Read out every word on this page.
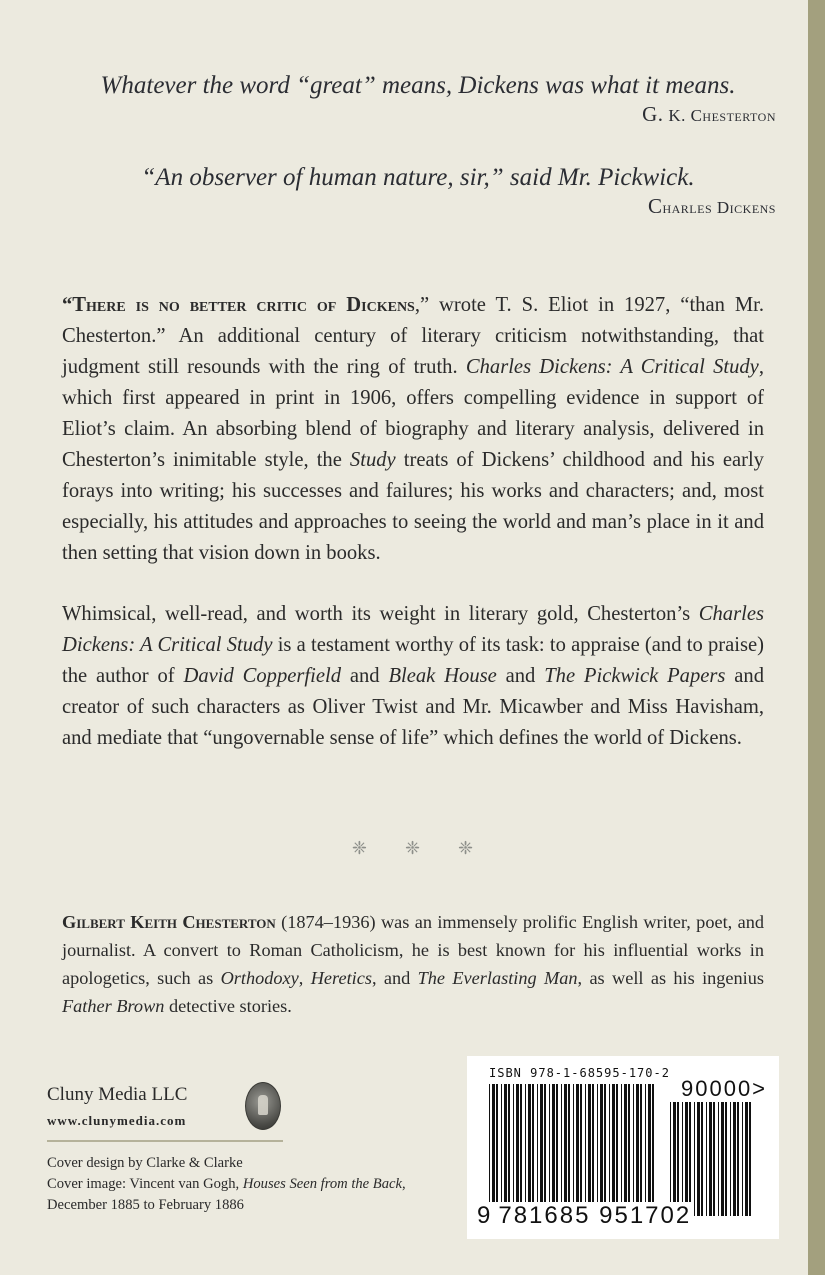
Whatever the word “great” means, Dickens was what it means.
G. K. Chesterton
“An observer of human nature, sir,” said Mr. Pickwick.
Charles Dickens
“There is no better critic of Dickens,” wrote T. S. Eliot in 1927, “than Mr. Chesterton.” An additional century of literary criticism notwithstanding, that judgment still resounds with the ring of truth. Charles Dickens: A Critical Study, which first appeared in print in 1906, offers compelling evidence in support of Eliot’s claim. An absorbing blend of biography and literary analysis, delivered in Chesterton’s inimitable style, the Study treats of Dickens’ childhood and his early forays into writing; his successes and failures; his works and characters; and, most especially, his attitudes and approaches to seeing the world and man’s place in it and then setting that vision down in books.
Whimsical, well-read, and worth its weight in literary gold, Chesterton’s Charles Dickens: A Critical Study is a testament worthy of its task: to appraise (and to praise) the author of David Copperfield and Bleak House and The Pickwick Papers and creator of such characters as Oliver Twist and Mr. Micawber and Miss Havisham, and mediate that “ungovernable sense of life” which defines the world of Dickens.
❈ ❈ ❈
Gilbert Keith Chesterton (1874–1936) was an immensely prolific English writer, poet, and journalist. A convert to Roman Catholicism, he is best known for his influential works in apologetics, such as Orthodoxy, Heretics, and The Everlasting Man, as well as his ingenius Father Brown detective stories.
Cluny Media LLC
www.clunymedia.com
Cover design by Clarke & Clarke
Cover image: Vincent van Gogh, Houses Seen from the Back,
December 1885 to February 1886
ISBN 978-1-68595-170-2
90000>
9 781685 951702
